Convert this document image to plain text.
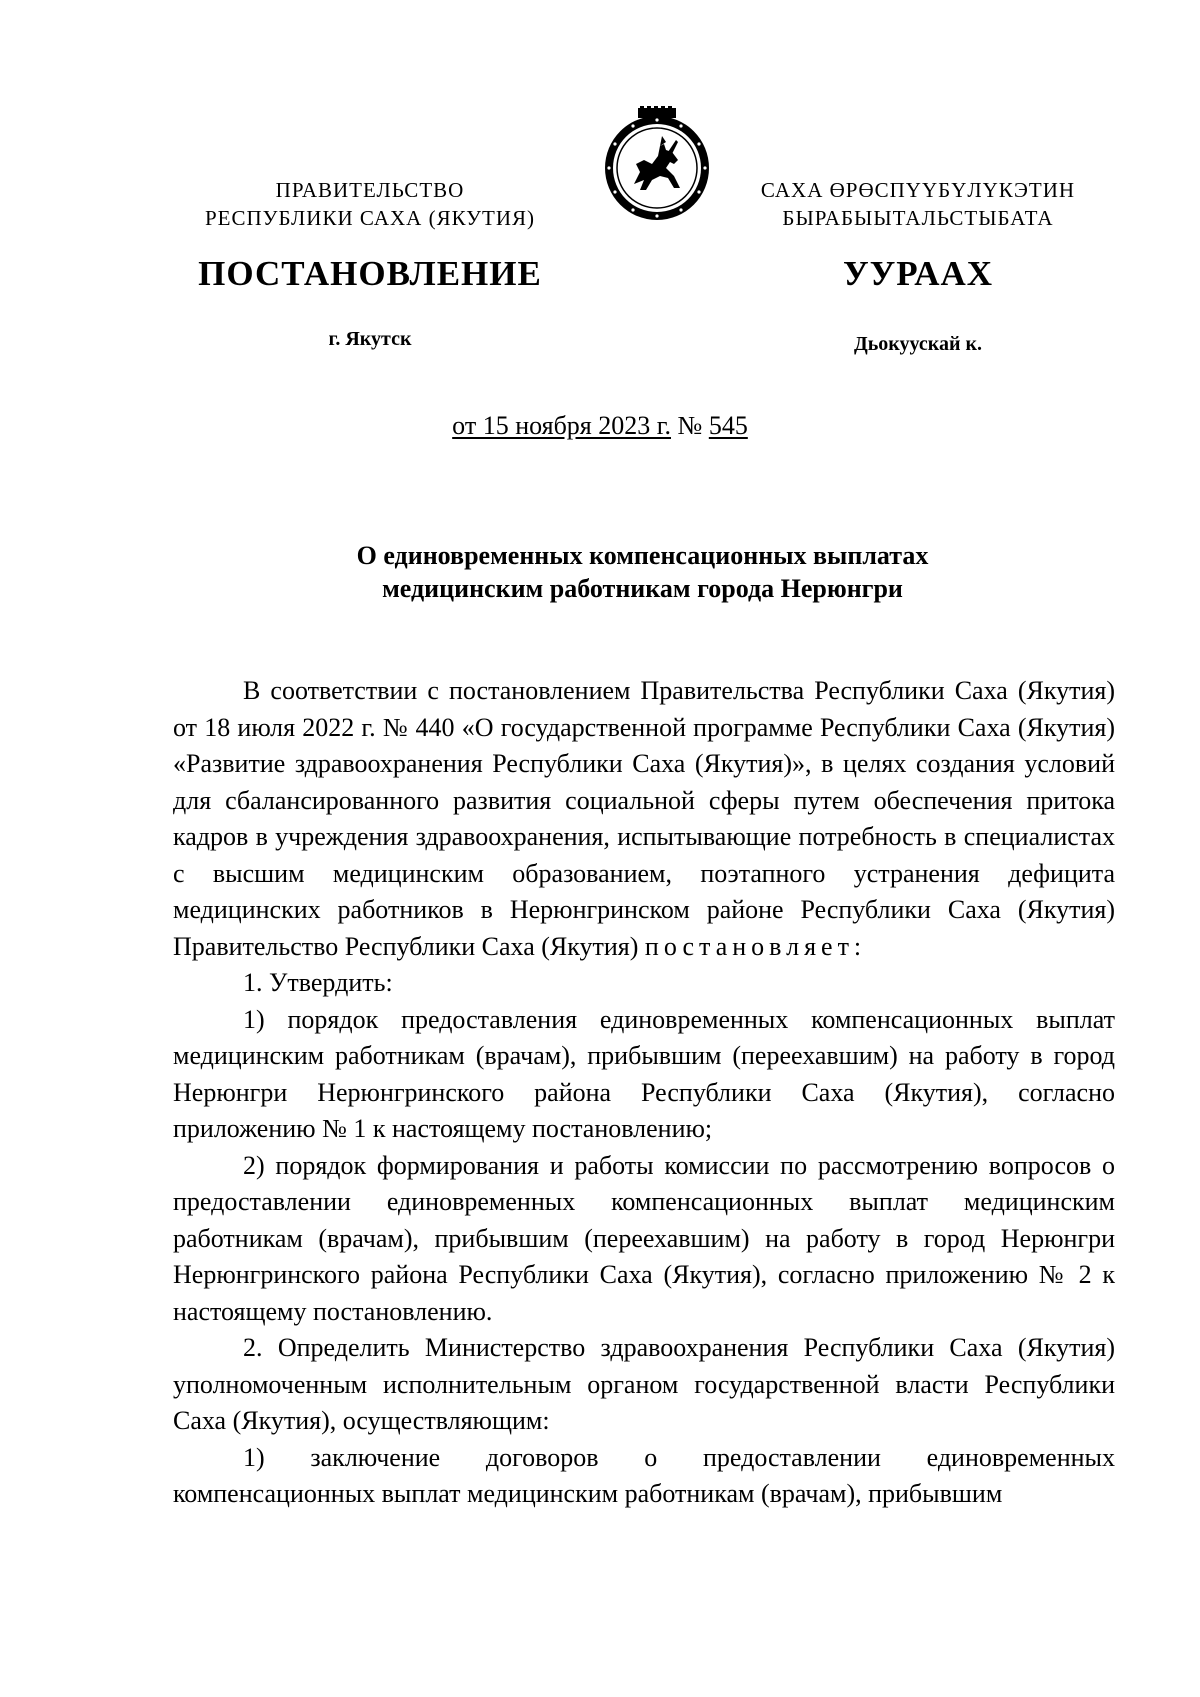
ПРАВИТЕЛЬСТВО
РЕСПУБЛИКИ САХА (ЯКУТИЯ)
САХА ӨРӨСПҮҮБҮЛҮКЭТИН
БЫРАБЫЫТАЛЬСТЫБАТА
ПОСТАНОВЛЕНИЕ	УУРААХ
г. Якутск	Дьокуускай к.
от 15 ноября 2023 г. № 545
О единовременных компенсационных выплатах
медицинским работникам города Нерюнгри

В соответствии с постановлением Правительства Республики Саха (Якутия) от 18 июля 2022 г. № 440 «О государственной программе Республики Саха (Якутия) «Развитие здравоохранения Республики Саха (Якутия)», в целях создания условий для сбалансированного развития социальной сферы путем обеспечения притока кадров в учреждения здравоохранения, испытывающие потребность в специалистах с высшим медицинским образованием, поэтапного устранения дефицита медицинских работников в Нерюнгринском районе Республики Саха (Якутия) Правительство Республики Саха (Якутия) постановляет:

1. Утвердить:

1) порядок предоставления единовременных компенсационных выплат медицинским работникам (врачам), прибывшим (переехавшим) на работу в город Нерюнгри Нерюнгринского района Республики Саха (Якутия), согласно приложению № 1 к настоящему постановлению;

2) порядок формирования и работы комиссии по рассмотрению вопросов о предоставлении единовременных компенсационных выплат медицинским работникам (врачам), прибывшим (переехавшим) на работу в город Нерюнгри Нерюнгринского района Республики Саха (Якутия), согласно приложению № 2 к настоящему постановлению.

2. Определить Министерство здравоохранения Республики Саха (Якутия) уполномоченным исполнительным органом государственной власти Республики Саха (Якутия), осуществляющим:

1) заключение договоров о предоставлении единовременных компенсационных выплат медицинским работникам (врачам), прибывшим
